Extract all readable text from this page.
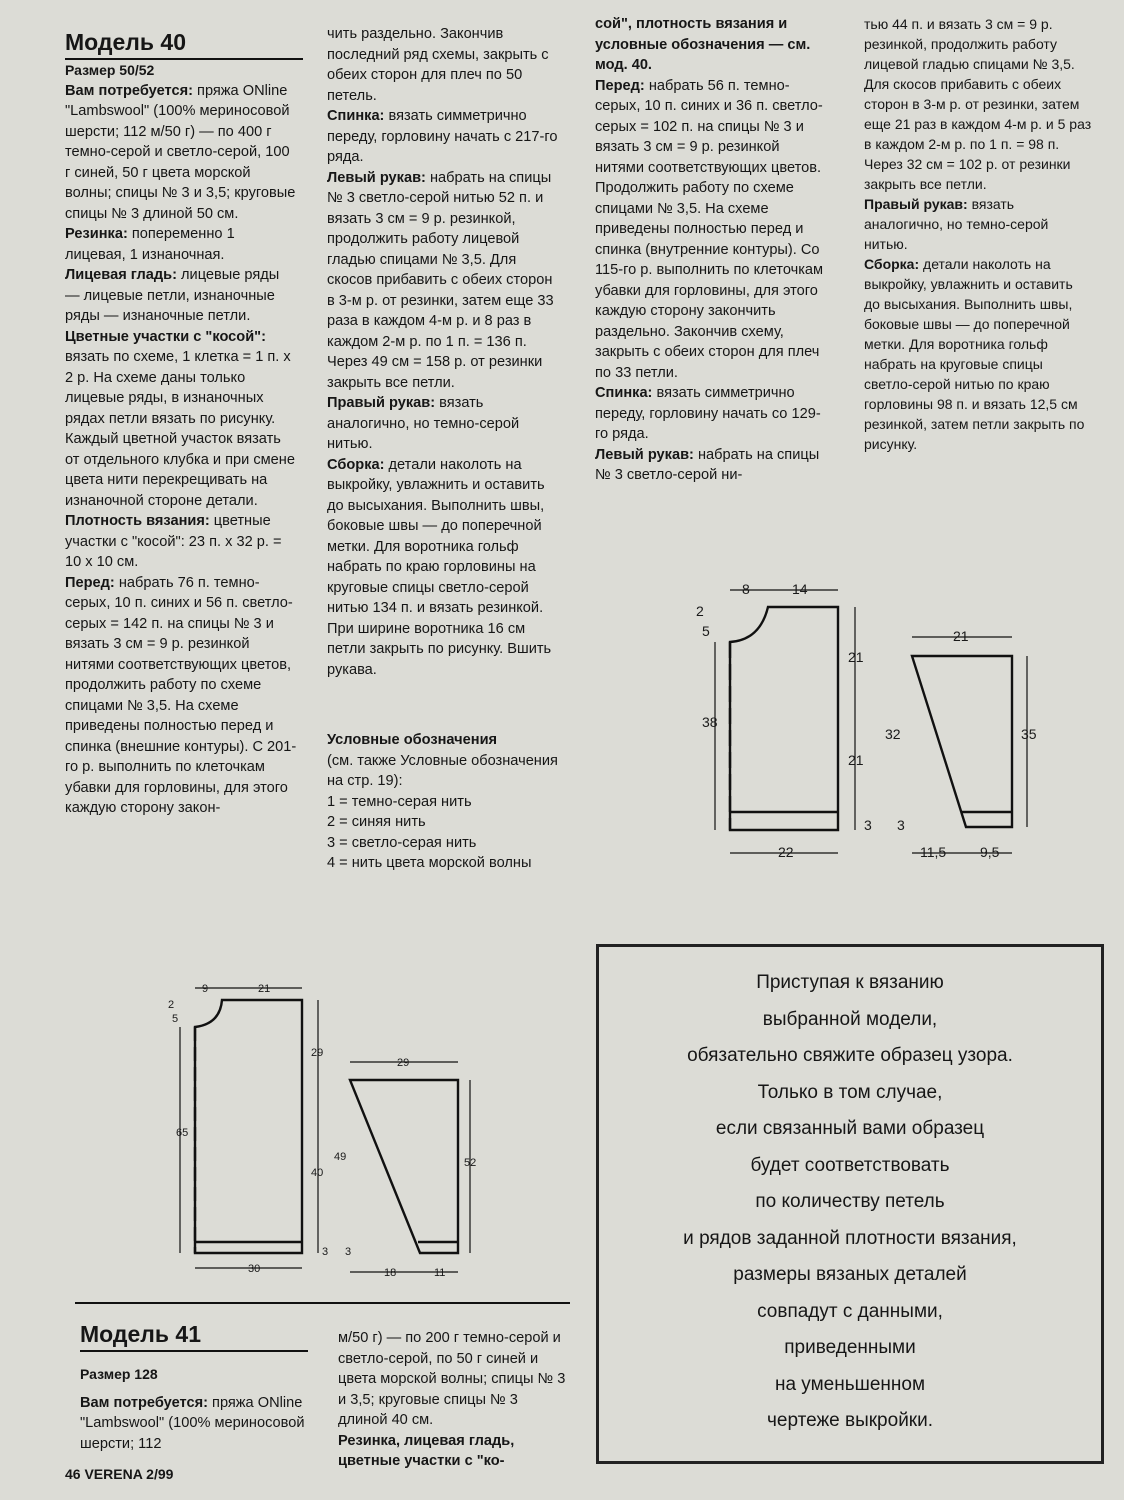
Модель 40

Размер 50/52

Вам потребуется: пряжа ONline "Lambswool" (100% мериносовой шерсти; 112 м/50 г) — по 400 г темно-серой и светло-серой, 100 г синей, 50 г цвета морской волны; спицы № 3 и 3,5; круговые спицы № 3 длиной 50 см.

Резинка: попеременно 1 лицевая, 1 изнаночная.

Лицевая гладь: лицевые ряды — лицевые петли, изнаночные ряды — изнаночные петли.

Цветные участки с "косой": вязать по схеме, 1 клетка = 1 п. х 2 р. На схеме даны только лицевые ряды, в изнаночных рядах петли вязать по рисунку. Каждый цветной участок вязать от отдельного клубка и при смене цвета нити перекрещивать на изнаночной стороне детали.

Плотность вязания: цветные участки с "косой": 23 п. х 32 р. = 10 х 10 см.

Перед: набрать 76 п. темно-серых, 10 п. синих и 56 п. светло-серых = 142 п. на спицы № 3 и вязать 3 см = 9 р. резинкой нитями соответствующих цветов, продолжить работу по схеме спицами № 3,5. На схеме приведены полностью перед и спинка (внешние контуры). С 201-го р. выполнить по клеточкам убавки для горловины, для этого каждую сторону закон-

чить раздельно. Закончив последний ряд схемы, закрыть с обеих сторон для плеч по 50 петель.

Спинка: вязать симметрично переду, горловину начать с 217-го ряда.

Левый рукав: набрать на спицы № 3 светло-серой нитью 52 п. и вязать 3 см = 9 р. резинкой, продолжить работу лицевой гладью спицами № 3,5. Для скосов прибавить с обеих сторон в 3-м р. от резинки, затем еще 33 раза в каждом 4-м р. и 8 раз в каждом 2-м р. по 1 п. = 136 п. Через 49 см = 158 р. от резинки закрыть все петли.

Правый рукав: вязать аналогично, но темно-серой нитью.

Сборка: детали наколоть на выкройку, увлажнить и оставить до высыхания. Выполнить швы, боковые швы — до поперечной метки. Для воротника гольф набрать по краю горловины на круговые спицы светло-серой нитью 134 п. и вязать резинкой. При ширине воротника 16 см петли закрыть по рисунку. Вшить рукава.

Условные обозначения

(см. также Условные обозначения на стр. 19):

1 = темно-серая нить

2 = синяя нить

3 = светло-серая нить

4 = нить цвета морской волны

сой", плотность вязания и условные обозначения — см. мод. 40.

Перед: набрать 56 п. темно-серых, 10 п. синих и 36 п. светло-серых = 102 п. на спицы № 3 и вязать 3 см = 9 р. резинкой нитями соответствующих цветов. Продолжить работу по схеме спицами № 3,5. На схеме приведены полностью перед и спинка (внутренние контуры). Со 115-го р. выполнить по клеточкам убавки для горловины, для этого каждую сторону закончить раздельно. Закончив схему, закрыть с обеих сторон для плеч по 33 петли.

Спинка: вязать симметрично переду, горловину начать со 129-го ряда.

Левый рукав: набрать на спицы № 3 светло-серой ни-

тью 44 п. и вязать 3 см = 9 р. резинкой, продолжить работу лицевой гладью спицами № 3,5. Для скосов прибавить с обеих сторон в 3-м р. от резинки, затем еще 21 раз в каждом 4-м р. и 5 раз в каждом 2-м р. по 1 п. = 98 п. Через 32 см = 102 р. от резинки закрыть все петли.

Правый рукав: вязать аналогично, но темно-серой нитью.

Сборка: детали наколоть на выкройку, увлажнить и оставить до высыхания. Выполнить швы, боковые швы — до поперечной метки. Для воротника гольф набрать на круговые спицы светло-серой нитью по краю горловины 98 п. и вязать 12,5 см резинкой, затем петли закрыть по рисунку.

8	14
2
5
21
38
21
3
22
21
32	35
3
11,5 9,5
9	21
2
5
29
65
40
3
30
29
49	52
3
18	11
Приступая к вязанию
выбранной модели,
обязательно свяжите образец узора.
Только в том случае,
если связанный вами образец
будет соответствовать
по количеству петель
и рядов заданной плотности вязания,
размеры вязаных деталей
совпадут с данными,
приведенными
на уменьшенном
чертеже выкройки.

Модель 41

Размер 128

Вам потребуется: пряжа ONline "Lambswool" (100% мериносовой шерсти; 112

м/50 г) — по 200 г темно-серой и светло-серой, по 50 г синей и цвета морской волны; спицы № 3 и 3,5; круговые спицы № 3 длиной 40 см.

Резинка, лицевая гладь, цветные участки с "ко-

46 VERENA 2/99
